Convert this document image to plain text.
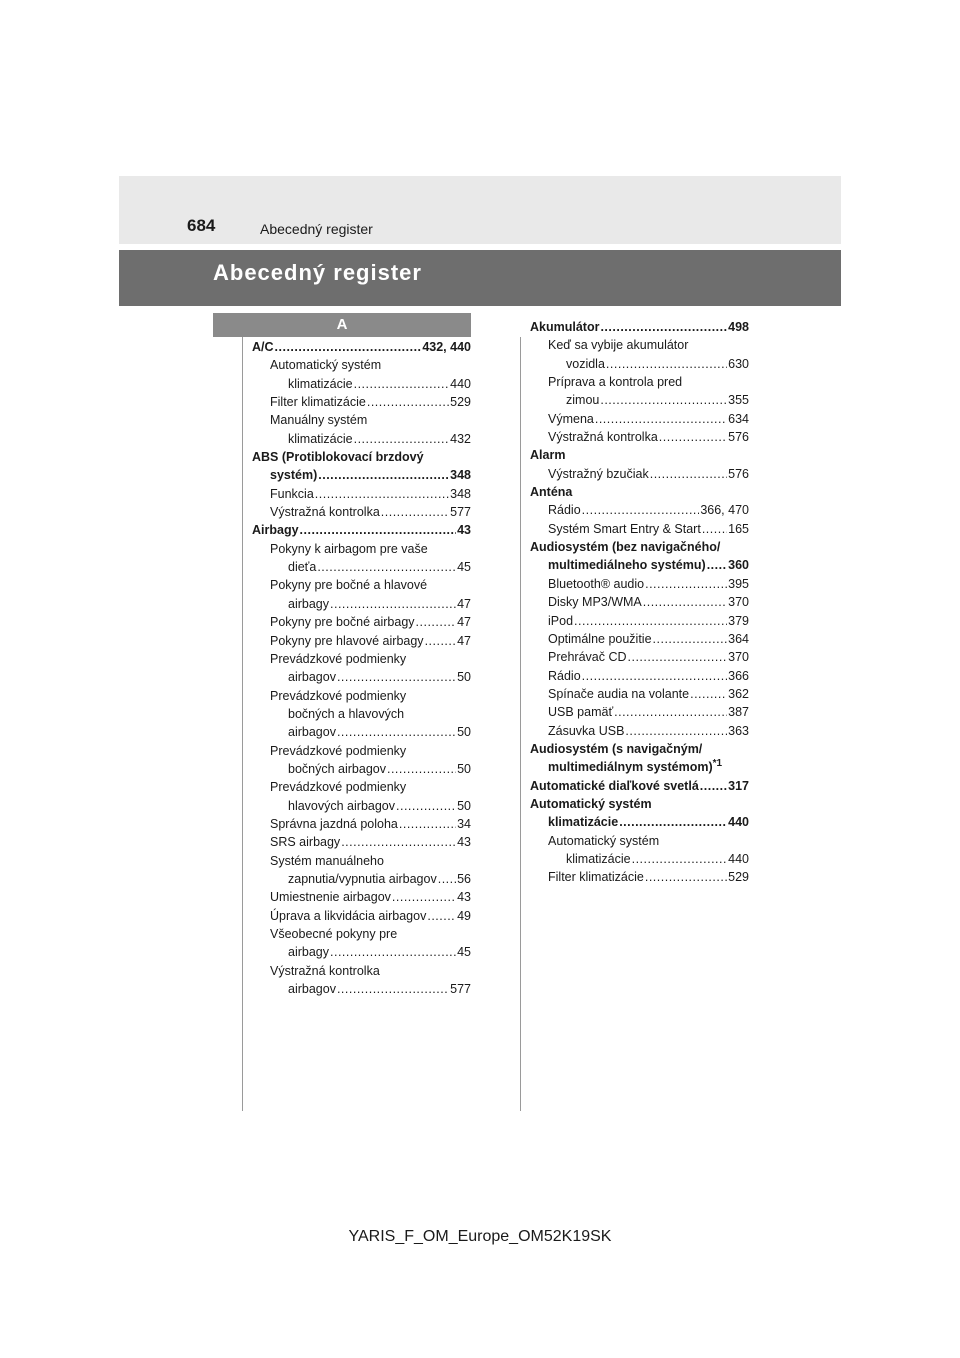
684	Abecedný register
Abecedný register
A
A/C .....	432, 440
Automatický systém
klimatizácie .....	440
Filter klimatizácie .....	529
Manuálny systém
klimatizácie .....	432
ABS (Protiblokovací brzdový
systém) .....	348
Funkcia .....	348
Výstražná kontrolka .....	577
Airbagy .....	43
Pokyny k airbagom pre vaše
dieťa .....	45
Pokyny pre bočné a hlavové
airbagy .....	47
Pokyny pre bočné airbagy .....	47
Pokyny pre hlavové airbagy .....	47
Prevádzkové podmienky
airbagov .....	50
Prevádzkové podmienky
bočných a hlavových
airbagov .....	50
Prevádzkové podmienky
bočných airbagov .....	50
Prevádzkové podmienky
hlavových airbagov .....	50
Správna jazdná poloha .....	34
SRS airbagy .....	43
Systém manuálneho
zapnutia/vypnutia airbagov ..... 56
Umiestnenie airbagov .....	43
Úprava a likvidácia airbagov ..... 49
Všeobecné pokyny pre
airbagy .....	45
Výstražná kontrolka
airbagov .....	577
Akumulátor .....	498
Keď sa vybije akumulátor
vozidla .....	630
Príprava a kontrola pred
zimou .....	355
Výmena .....	634
Výstražná kontrolka .....	576
Alarm
Výstražný bzučiak .....	576
Anténa
Rádio .....	366, 470
Systém Smart Entry & Start ..... 165
Audiosystém (bez navigačného/
multimediálneho systému) ..... 360
Bluetooth® audio .....	395
Disky MP3/WMA .....	370
iPod .....	379
Optimálne použitie .....	364
Prehrávač CD .....	370
Rádio .....	366
Spínače audia na volante .....	362
USB pamäť .....	387
Zásuvka USB .....	363
Audiosystém (s navigačným/
multimediálnym systémom)$^{*1}$
Automatické diaľkové svetlá ..... 317
Automatický systém
klimatizácie .....	440
Automatický systém
klimatizácie .....	440
Filter klimatizácie .....	529
YARIS_F_OM_Europe_OM52K19SK
